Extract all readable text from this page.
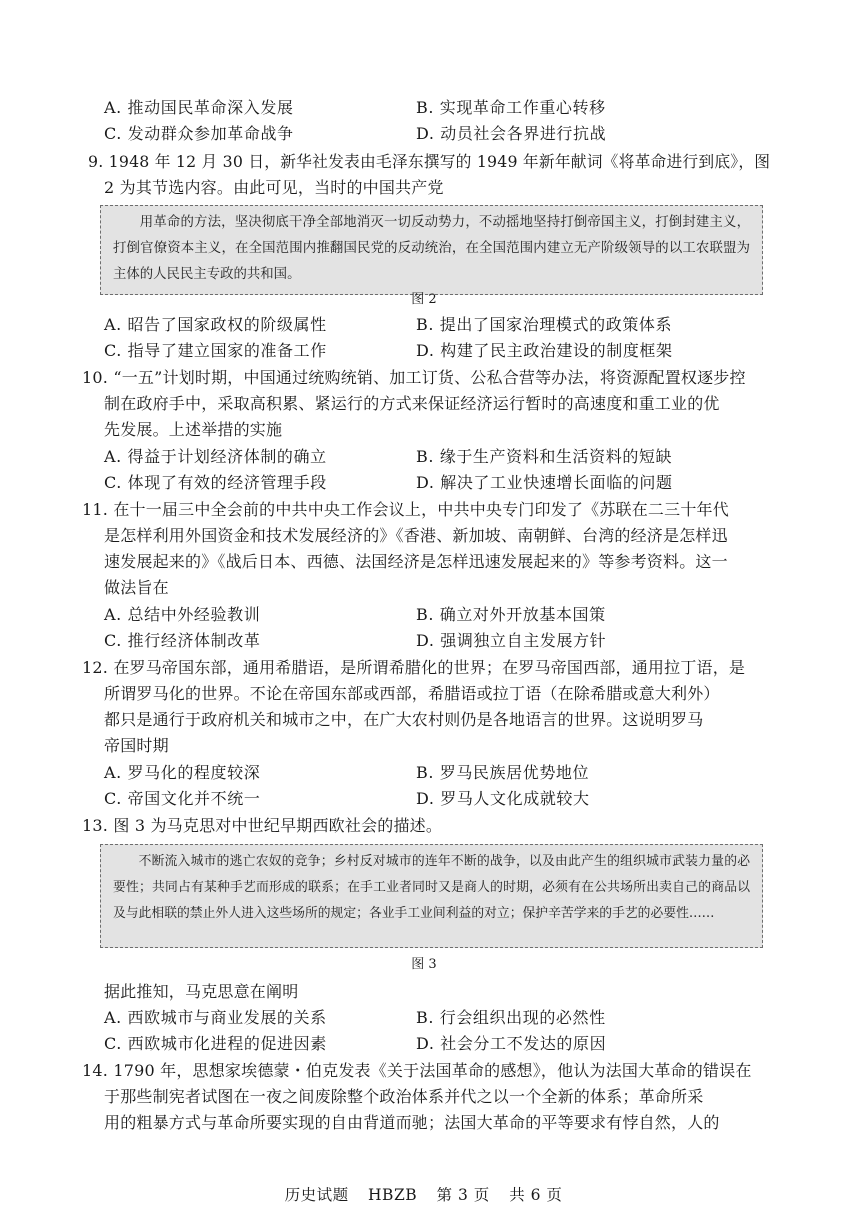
A. 推动国民革命深入发展	B. 实现革命工作重心转移
C. 发动群众参加革命战争	D. 动员社会各界进行抗战
9. 1948 年 12 月 30 日，新华社发表由毛泽东撰写的 1949 年新年献词《将革命进行到底》，图
2 为其节选内容。由此可见，当时的中国共产党
用革命的方法，坚决彻底干净全部地消灭一切反动势力，不动摇地坚持打倒帝国主义，打倒封建主义，打倒官僚资本主义，在全国范围内推翻国民党的反动统治，在全国范围内建立无产阶级领导的以工农联盟为主体的人民民主专政的共和国。
图 2
A. 昭告了国家政权的阶级属性	B. 提出了国家治理模式的政策体系
C. 指导了建立国家的准备工作	D. 构建了民主政治建设的制度框架
10. “一五”计划时期，中国通过统购统销、加工订货、公私合营等办法，将资源配置权逐步控
制在政府手中，采取高积累、紧运行的方式来保证经济运行暂时的高速度和重工业的优
先发展。上述举措的实施
A. 得益于计划经济体制的确立	B. 缘于生产资料和生活资料的短缺
C. 体现了有效的经济管理手段	D. 解决了工业快速增长面临的问题
11. 在十一届三中全会前的中共中央工作会议上，中共中央专门印发了《苏联在二三十年代
是怎样利用外国资金和技术发展经济的》《香港、新加坡、南朝鲜、台湾的经济是怎样迅
速发展起来的》《战后日本、西德、法国经济是怎样迅速发展起来的》等参考资料。这一
做法旨在
A. 总结中外经验教训	B. 确立对外开放基本国策
C. 推行经济体制改革	D. 强调独立自主发展方针
12. 在罗马帝国东部，通用希腊语，是所谓希腊化的世界；在罗马帝国西部，通用拉丁语，是
所谓罗马化的世界。不论在帝国东部或西部，希腊语或拉丁语（在除希腊或意大利外）
都只是通行于政府机关和城市之中，在广大农村则仍是各地语言的世界。这说明罗马
帝国时期
A. 罗马化的程度较深	B. 罗马民族居优势地位
C. 帝国文化并不统一	D. 罗马人文化成就较大
13. 图 3 为马克思对中世纪早期西欧社会的描述。
不断流入城市的逃亡农奴的竞争；乡村反对城市的连年不断的战争，以及由此产生的组织城市武装力量的必要性；共同占有某种手艺而形成的联系；在手工业者同时又是商人的时期，必须有在公共场所出卖自己的商品以及与此相联的禁止外人进入这些场所的规定；各业手工业间利益的对立；保护辛苦学来的手艺的必要性……
图 3
据此推知，马克思意在阐明
A. 西欧城市与商业发展的关系	B. 行会组织出现的必然性
C. 西欧城市化进程的促进因素	D. 社会分工不发达的原因
14. 1790 年，思想家埃德蒙・伯克发表《关于法国革命的感想》，他认为法国大革命的错误在
于那些制宪者试图在一夜之间废除整个政治体系并代之以一个全新的体系；革命所采
用的粗暴方式与革命所要实现的自由背道而驰；法国大革命的平等要求有悖自然，人的
历史试题 HBZB 第 3 页 共 6 页
